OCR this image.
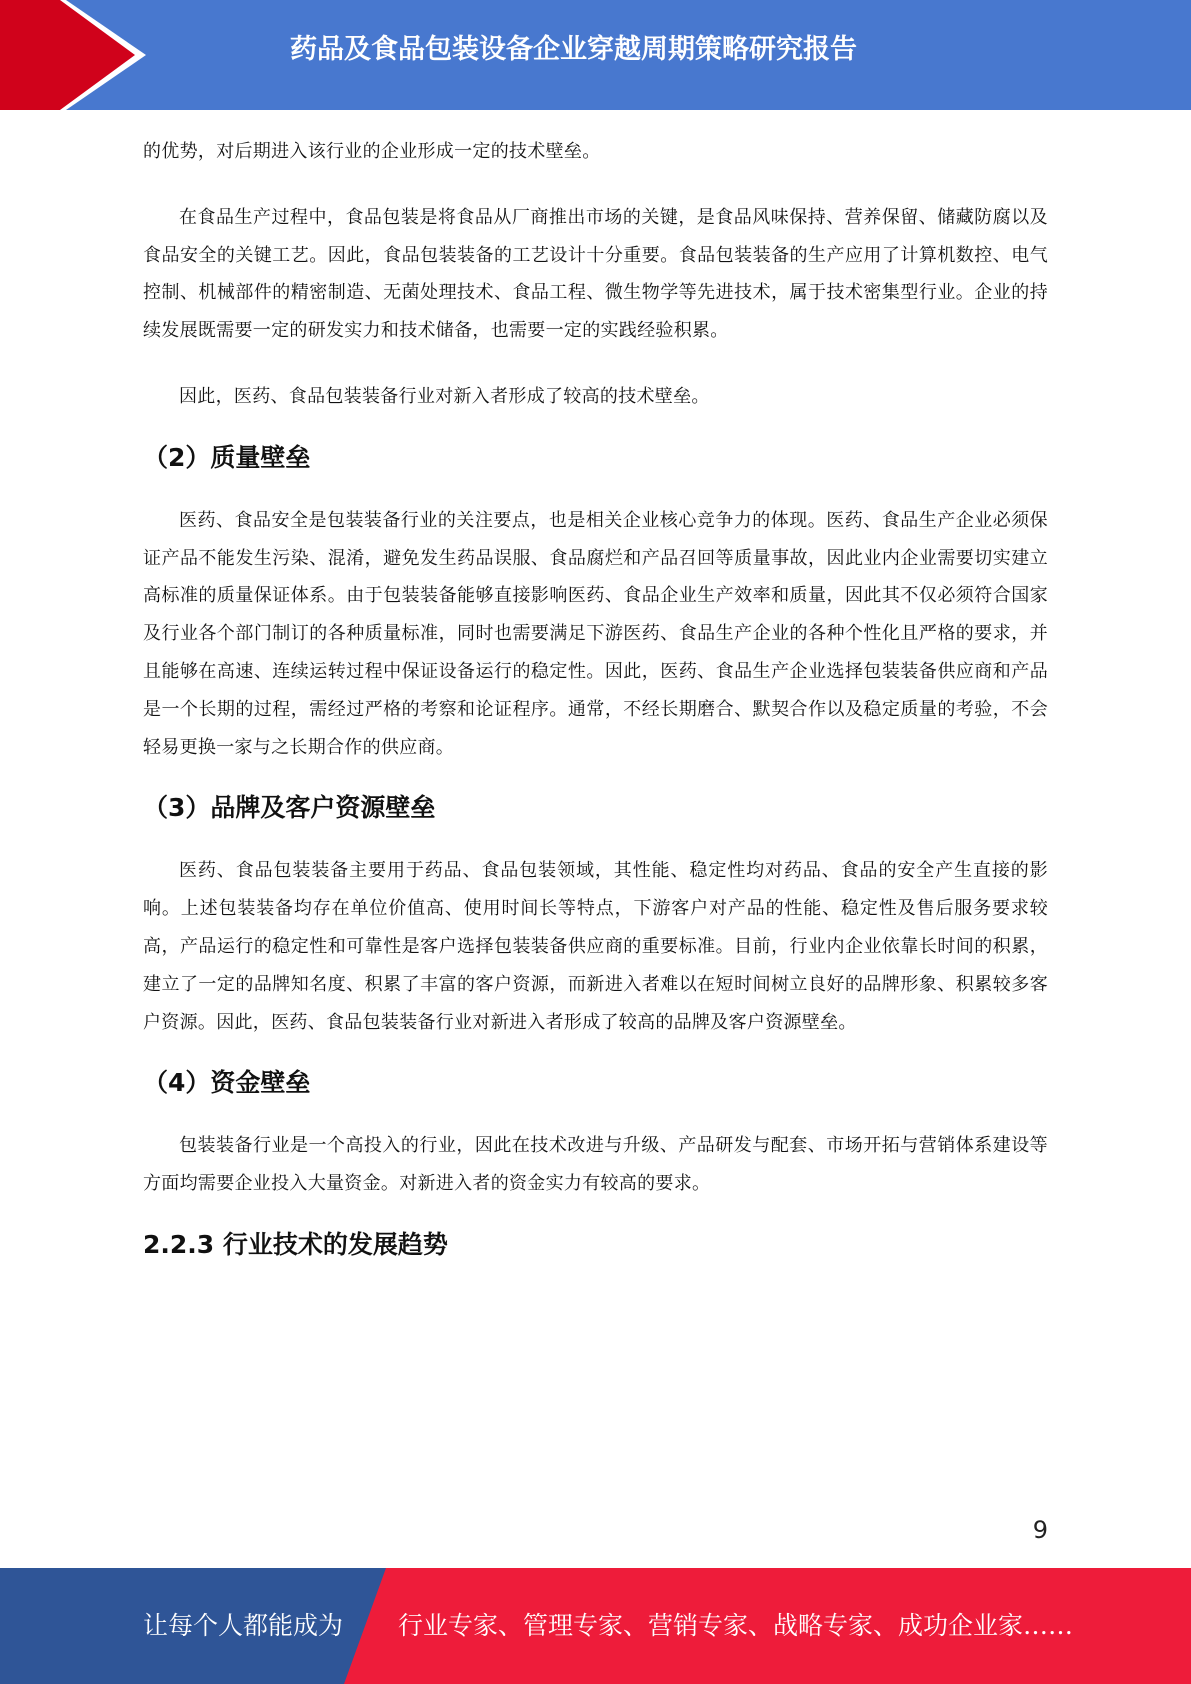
药品及食品包装设备企业穿越周期策略研究报告

的优势，对后期进入该行业的企业形成一定的技术壁垒。

在食品生产过程中，食品包装是将食品从厂商推出市场的关键，是食品风味保持、营养保留、储藏防腐以及食品安全的关键工艺。因此，食品包装装备的工艺设计十分重要。食品包装装备的生产应用了计算机数控、电气控制、机械部件的精密制造、无菌处理技术、食品工程、微生物学等先进技术，属于技术密集型行业。企业的持续发展既需要一定的研发实力和技术储备，也需要一定的实践经验积累。

因此，医药、食品包装装备行业对新入者形成了较高的技术壁垒。

（2）质量壁垒

医药、食品安全是包装装备行业的关注要点，也是相关企业核心竞争力的体现。医药、食品生产企业必须保证产品不能发生污染、混淆，避免发生药品误服、食品腐烂和产品召回等质量事故，因此业内企业需要切实建立高标准的质量保证体系。由于包装装备能够直接影响医药、食品企业生产效率和质量，因此其不仅必须符合国家及行业各个部门制订的各种质量标准，同时也需要满足下游医药、食品生产企业的各种个性化且严格的要求，并且能够在高速、连续运转过程中保证设备运行的稳定性。因此，医药、食品生产企业选择包装装备供应商和产品是一个长期的过程，需经过严格的考察和论证程序。通常，不经长期磨合、默契合作以及稳定质量的考验，不会轻易更换一家与之长期合作的供应商。

（3）品牌及客户资源壁垒

医药、食品包装装备主要用于药品、食品包装领域，其性能、稳定性均对药品、食品的安全产生直接的影响。上述包装装备均存在单位价值高、使用时间长等特点，下游客户对产品的性能、稳定性及售后服务要求较高，产品运行的稳定性和可靠性是客户选择包装装备供应商的重要标准。目前，行业内企业依靠长时间的积累，建立了一定的品牌知名度、积累了丰富的客户资源，而新进入者难以在短时间树立良好的品牌形象、积累较多客户资源。因此，医药、食品包装装备行业对新进入者形成了较高的品牌及客户资源壁垒。

（4）资金壁垒

包装装备行业是一个高投入的行业，因此在技术改进与升级、产品研发与配套、市场开拓与营销体系建设等方面均需要企业投入大量资金。对新进入者的资金实力有较高的要求。

2.2.3 行业技术的发展趋势
9
让每个人都能成为 行业专家、管理专家、营销专家、战略专家、成功企业家……
